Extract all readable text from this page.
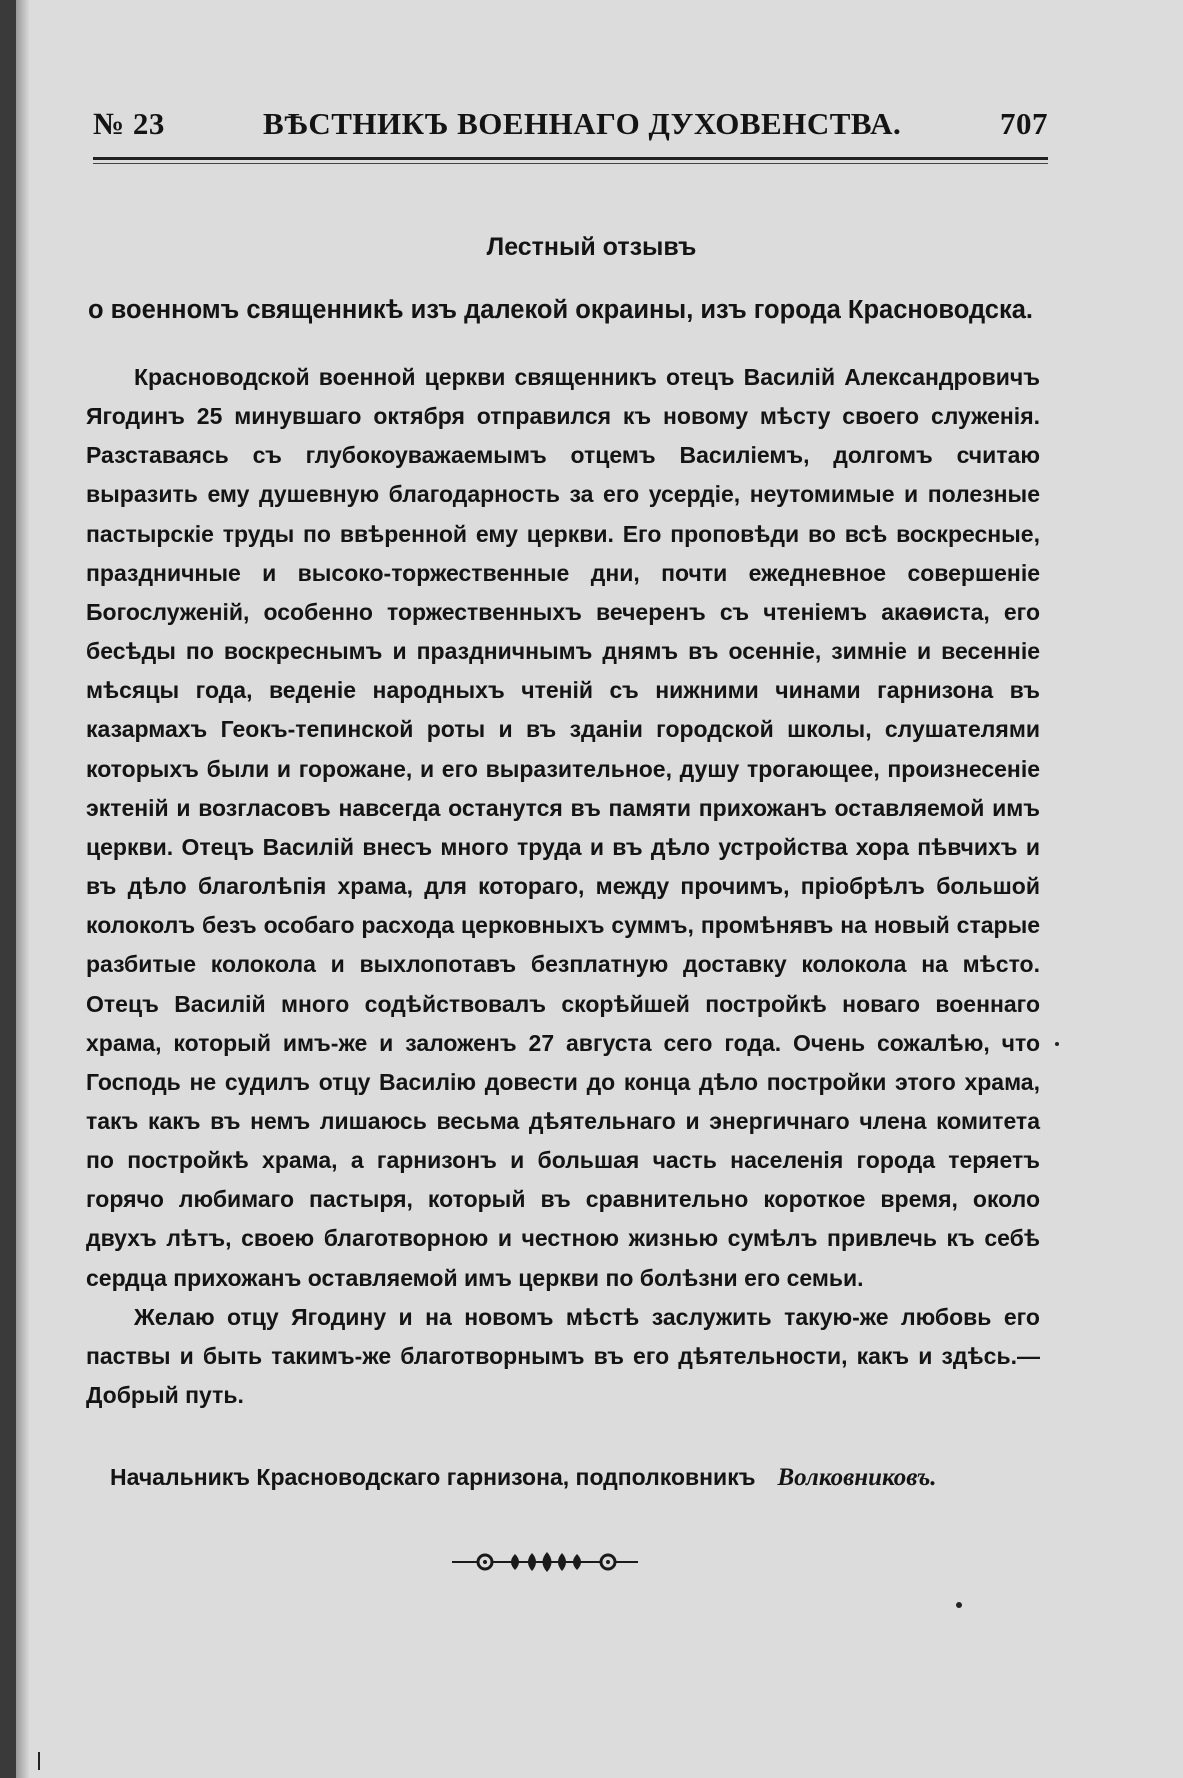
№ 23	ВѢСТНИКЪ ВОЕННАГО ДУХОВЕНСТВА.	707
Лестный отзывъ
о военномъ священникѣ изъ далекой окраины, изъ города Красноводска.

Красноводской военной церкви священникъ отецъ Василій Александровичъ Ягодинъ 25 минувшаго октября отправился къ новому мѣсту своего служенія. Разставаясь съ глубокоуважаемымъ отцемъ Василіемъ, долгомъ считаю выразить ему душевную благодарность за его усердіе, неутомимые и полезные пастырскіе труды по ввѣренной ему церкви. Его проповѣди во всѣ воскресные, праздничные и высоко-торжественные дни, почти ежедневное совершеніе Богослуженій, особенно торжественныхъ вечеренъ съ чтеніемъ акаѳиста, его бесѣды по воскреснымъ и праздничнымъ днямъ въ осенніе, зимніе и весенніе мѣсяцы года, веденіе народныхъ чтеній съ нижними чинами гарнизона въ казармахъ Геокъ-тепинской роты и въ зданіи городской школы, слушателями которыхъ были и горожане, и его выразительное, душу трогающее, произнесеніе эктеній и возгласовъ навсегда останутся въ памяти прихожанъ оставляемой имъ церкви. Отецъ Василій внесъ много труда и въ дѣло устройства хора пѣвчихъ и въ дѣло благолѣпія храма, для котораго, между прочимъ, пріобрѣлъ большой колоколъ безъ особаго расхода церковныхъ суммъ, промѣнявъ на новый старые разбитые колокола и выхлопотавъ безплатную доставку колокола на мѣсто. Отецъ Василій много содѣйствовалъ скорѣйшей постройкѣ новаго военнаго храма, который имъ-же и заложенъ 27 августа сего года. Очень сожалѣю, что Господь не судилъ отцу Василію довести до конца дѣло постройки этого храма, такъ какъ въ немъ лишаюсь весьма дѣятельнаго и энергичнаго члена комитета по постройкѣ храма, а гарнизонъ и большая часть населенія города теряетъ горячо любимаго пастыря, который въ сравнительно короткое время, около двухъ лѣтъ, своею благотворною и честною жизнью сумѣлъ привлечь къ себѣ сердца прихожанъ оставляемой имъ церкви по болѣзни его семьи.

Желаю отцу Ягодину и на новомъ мѣстѣ заслужить такую-же любовь его паствы и быть такимъ-же благотворнымъ въ его дѣятельности, какъ и здѣсь.— Добрый путь.

Начальникъ Красноводскаго гарнизона, подполковникъ Волковниковъ.
